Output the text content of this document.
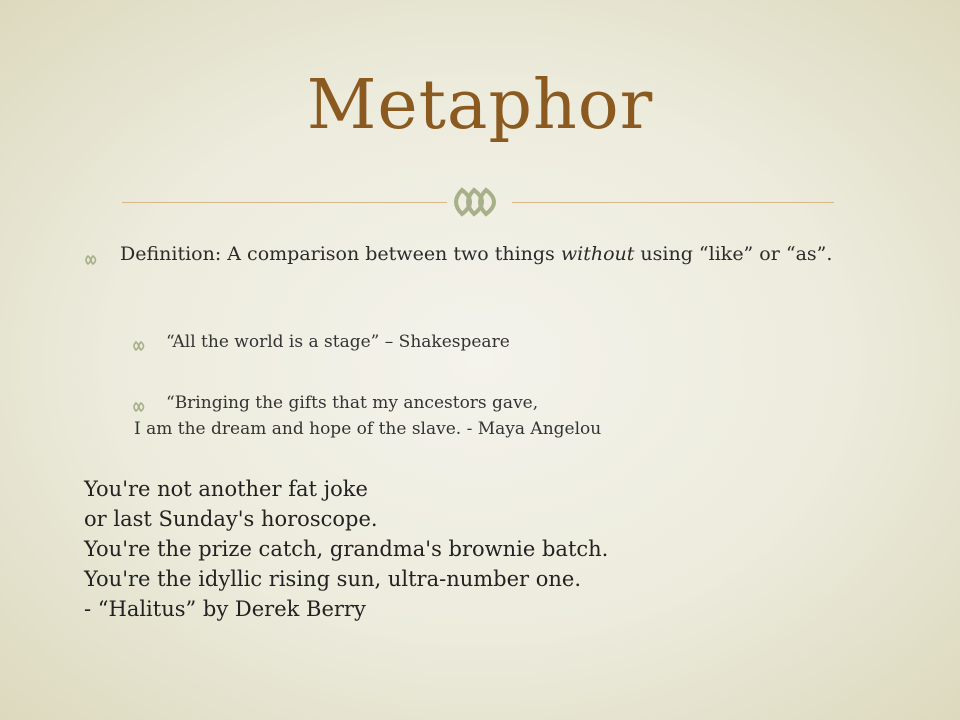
Metaphor
Definition: A comparison between two things without using “like” or “as”.
“All the world is a stage” – Shakespeare
“Bringing the gifts that my ancestors gave,
I am the dream and hope of the slave. - Maya Angelou
You're not another fat joke
or last Sunday's horoscope.
You're the prize catch, grandma's brownie batch.
You're the idyllic rising sun, ultra-number one.
- “Halitus” by Derek Berry
